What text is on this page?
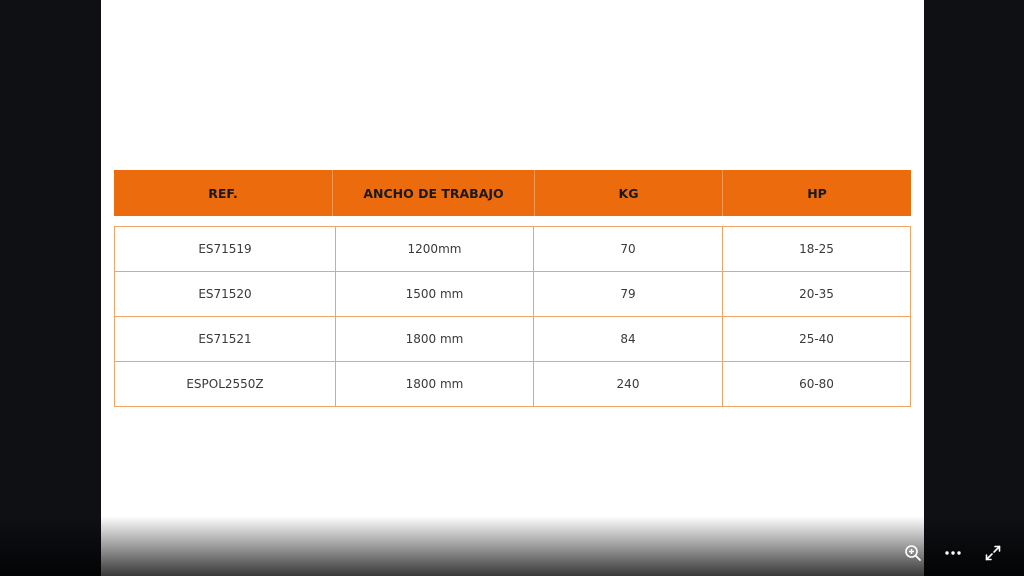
REF.	ANCHO DE TRABAJO	KG	HP
ES71519	1200mm	70	18-25
ES71520	1500 mm	79	20-35
ES71521	1800 mm	84	25-40
ESPOL2550Z	1800 mm	240	60-80
